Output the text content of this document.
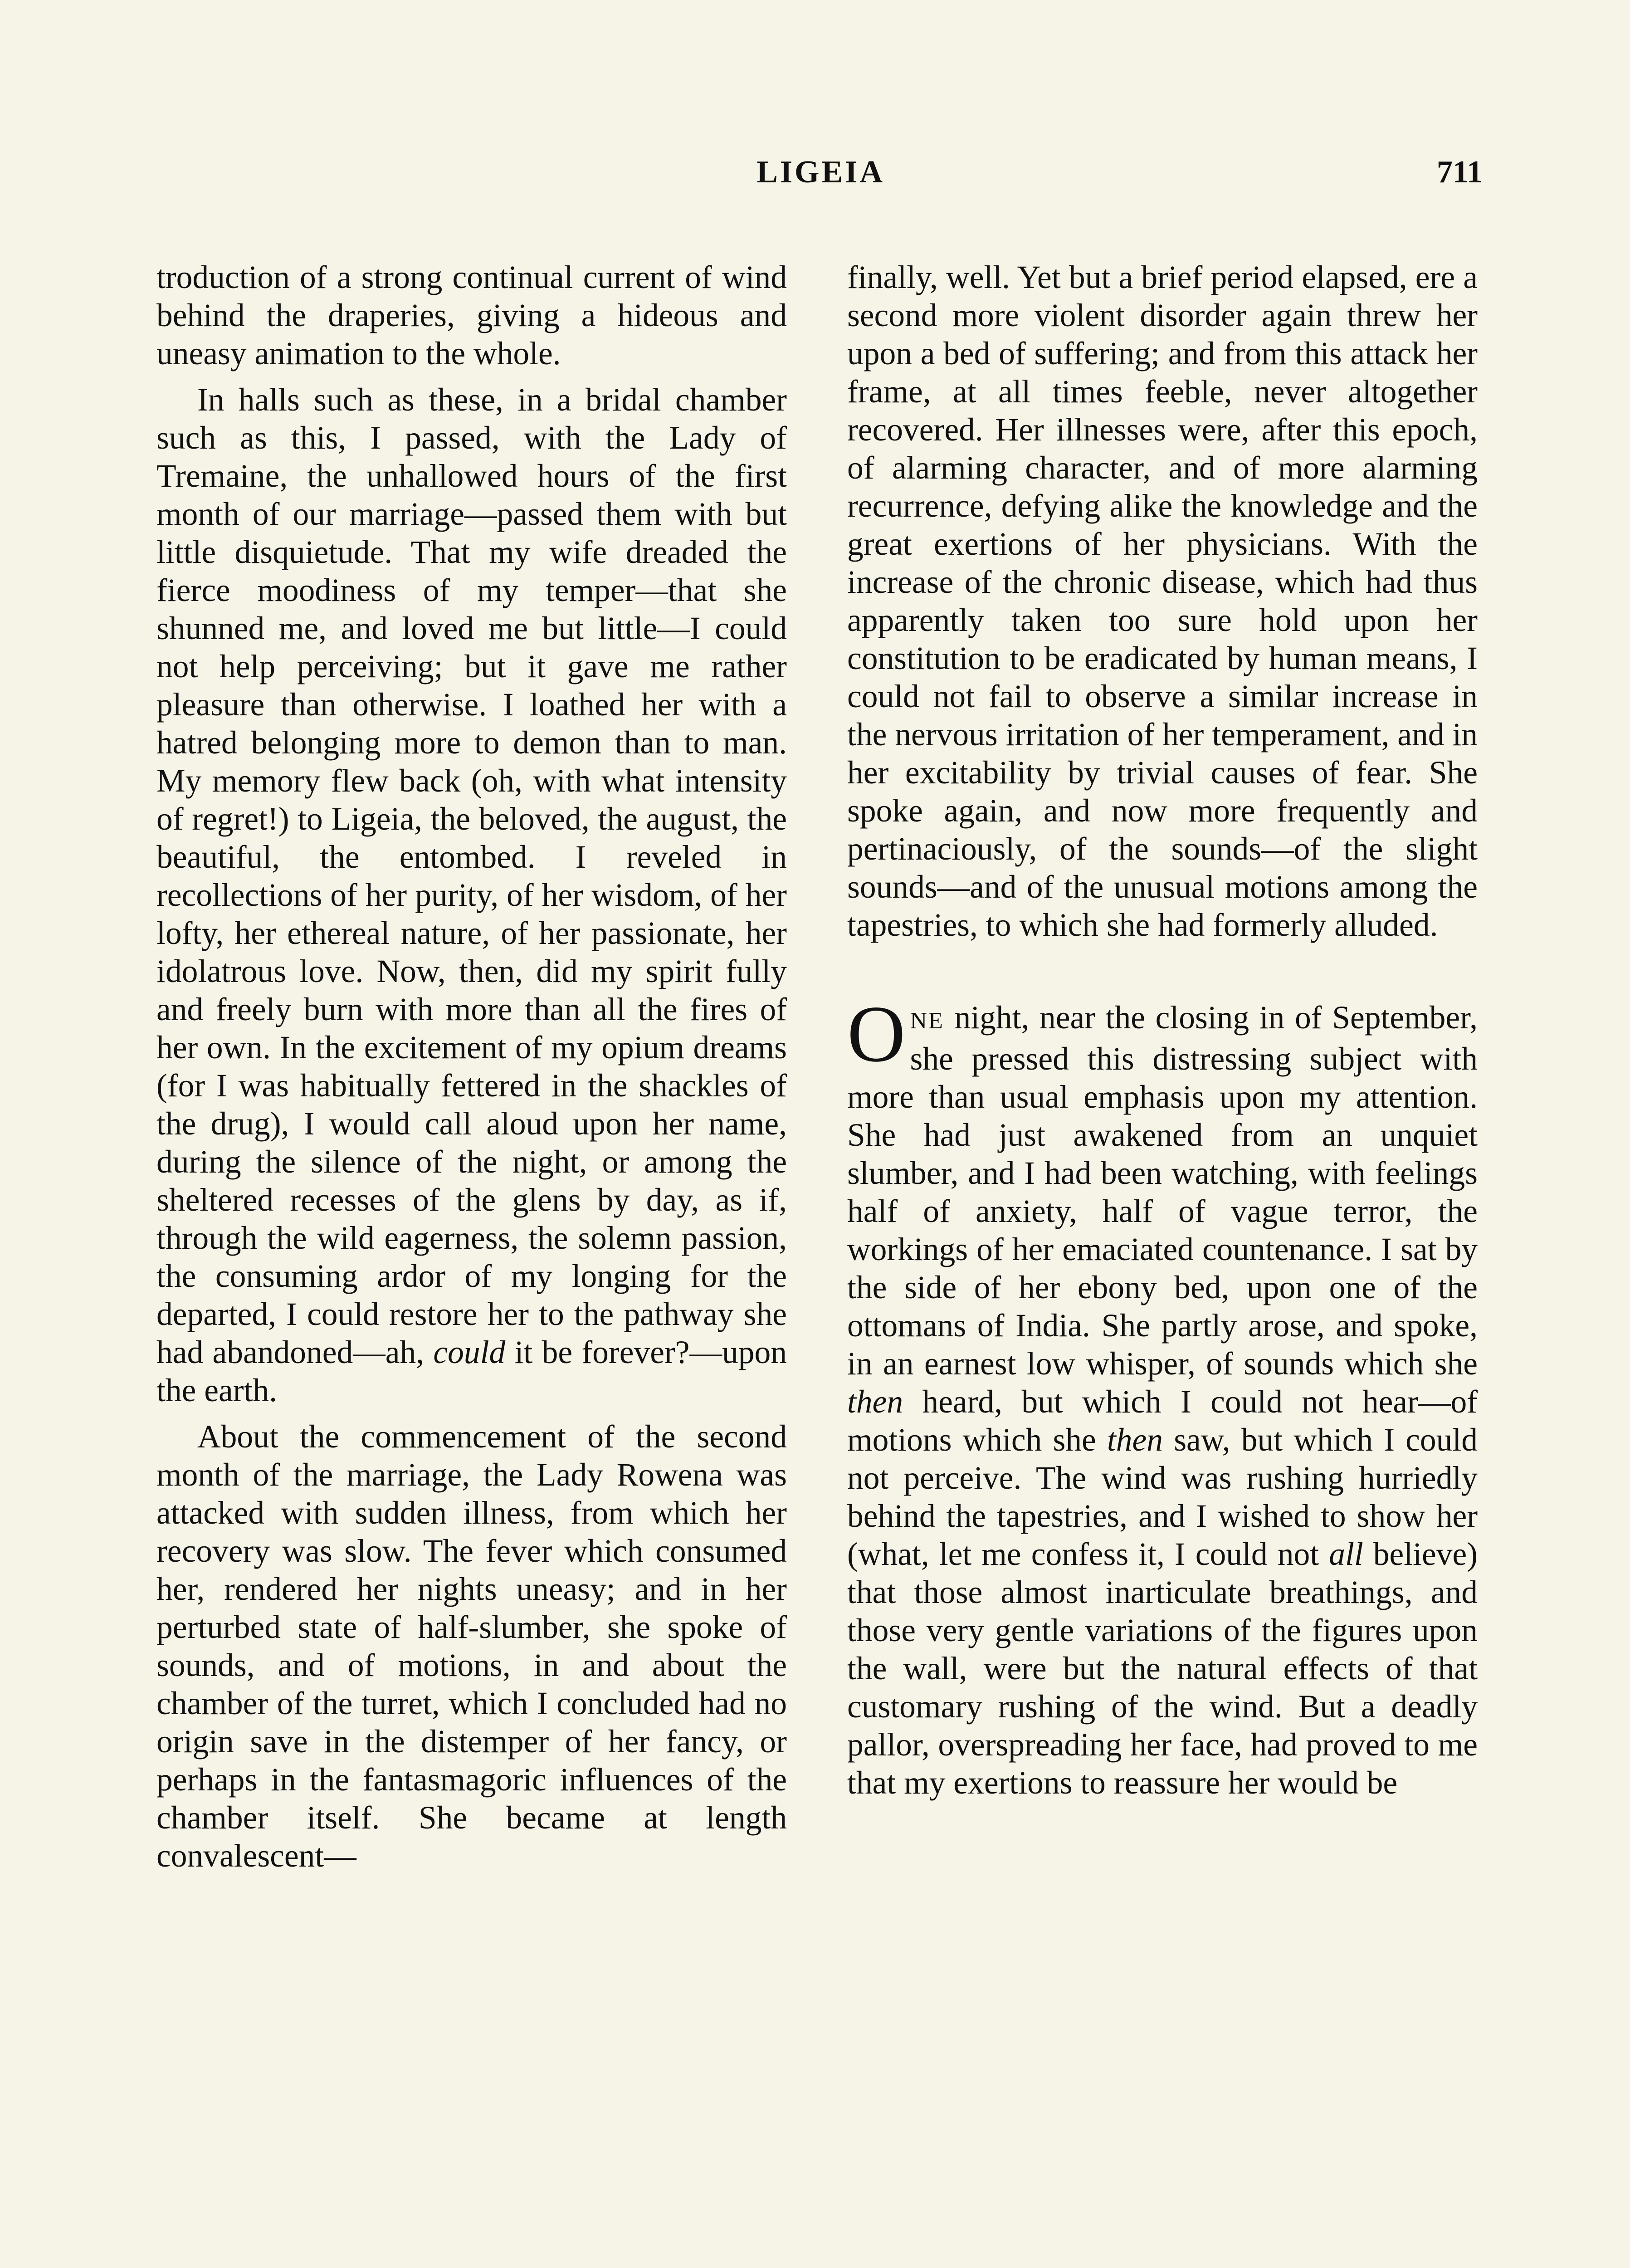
LIGEIA	711

troduction of a strong continual current of wind behind the draperies, giving a hideous and uneasy animation to the whole.

In halls such as these, in a bridal chamber such as this, I passed, with the Lady of Tremaine, the unhallowed hours of the first month of our marriage—passed them with but little disquietude. That my wife dreaded the fierce moodiness of my temper—that she shunned me, and loved me but little—I could not help perceiving; but it gave me rather pleasure than otherwise. I loathed her with a hatred belonging more to demon than to man. My memory flew back (oh, with what intensity of regret!) to Ligeia, the beloved, the august, the beautiful, the entombed. I reveled in recollections of her purity, of her wisdom, of her lofty, her ethereal nature, of her passionate, her idolatrous love. Now, then, did my spirit fully and freely burn with more than all the fires of her own. In the excitement of my opium dreams (for I was habitually fettered in the shackles of the drug), I would call aloud upon her name, during the silence of the night, or among the sheltered recesses of the glens by day, as if, through the wild eagerness, the solemn passion, the consuming ardor of my longing for the departed, I could restore her to the pathway she had abandoned—ah, could it be forever?—upon the earth.

About the commencement of the second month of the marriage, the Lady Rowena was attacked with sudden illness, from which her recovery was slow. The fever which consumed her, rendered her nights uneasy; and in her perturbed state of half-slumber, she spoke of sounds, and of motions, in and about the chamber of the turret, which I concluded had no origin save in the distemper of her fancy, or perhaps in the fantasmagoric influences of the chamber itself. She became at length convalescent—

finally, well. Yet but a brief period elapsed, ere a second more violent disorder again threw her upon a bed of suffering; and from this attack her frame, at all times feeble, never altogether recovered. Her illnesses were, after this epoch, of alarming character, and of more alarming recurrence, defying alike the knowledge and the great exertions of her physicians. With the increase of the chronic disease, which had thus apparently taken too sure hold upon her constitution to be eradicated by human means, I could not fail to observe a similar increase in the nervous irritation of her temperament, and in her excitability by trivial causes of fear. She spoke again, and now more frequently and pertinaciously, of the sounds—of the slight sounds—and of the unusual motions among the tapestries, to which she had formerly alluded.

ONE night, near the closing in of September, she pressed this distressing subject with more than usual emphasis upon my attention. She had just awakened from an unquiet slumber, and I had been watching, with feelings half of anxiety, half of vague terror, the workings of her emaciated countenance. I sat by the side of her ebony bed, upon one of the ottomans of India. She partly arose, and spoke, in an earnest low whisper, of sounds which she then heard, but which I could not hear—of motions which she then saw, but which I could not perceive. The wind was rushing hurriedly behind the tapestries, and I wished to show her (what, let me confess it, I could not all believe) that those almost inarticulate breathings, and those very gentle variations of the figures upon the wall, were but the natural effects of that customary rushing of the wind. But a deadly pallor, overspreading her face, had proved to me that my exertions to reassure her would be
